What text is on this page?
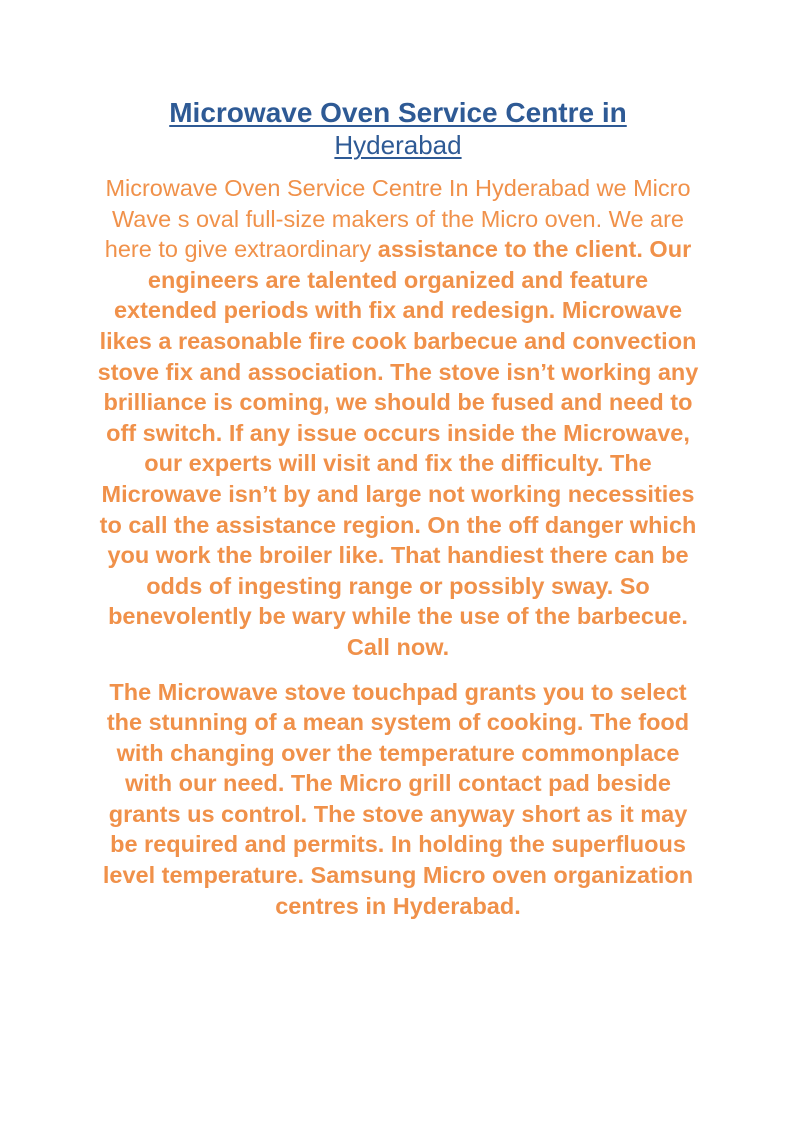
Microwave Oven Service Centre in
Hyderabad

Microwave Oven Service Centre In Hyderabad we Micro Wave s oval full-size makers of the Micro oven. We are here to give extraordinary assistance to the client. Our engineers are talented organized and feature extended periods with fix and redesign. Microwave likes a reasonable fire cook barbecue and convection stove fix and association. The stove isn’t working any brilliance is coming, we should be fused and need to off switch. If any issue occurs inside the Microwave, our experts will visit and fix the difficulty. The Microwave isn’t by and large not working necessities to call the assistance region. On the off danger which you work the broiler like. That handiest there can be odds of ingesting range or possibly sway. So benevolently be wary while the use of the barbecue. Call now.

The Microwave stove touchpad grants you to select the stunning of a mean system of cooking. The food with changing over the temperature commonplace with our need. The Micro grill contact pad beside grants us control. The stove anyway short as it may be required and permits. In holding the superfluous level temperature. Samsung Micro oven organization centres in Hyderabad.
